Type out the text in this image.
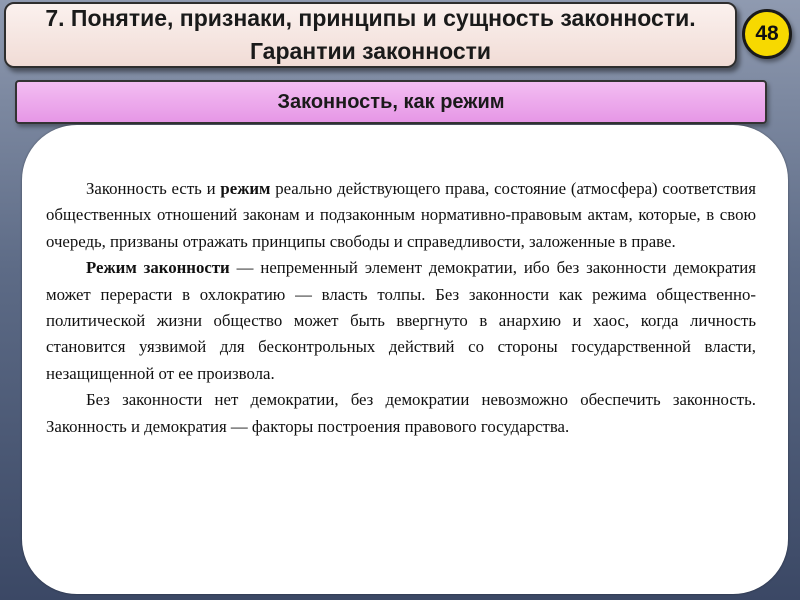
7. Понятие, признаки, принципы и сущность законности. Гарантии законности
48
Законность, как режим

Законность есть и режим реально действующего права, состояние (атмосфера) соответствия общественных отношений законам и подзаконным нормативно-правовым актам, которые, в свою очередь, призваны отражать принципы свободы и справедливости, заложенные в праве.

Режим законности — непременный элемент демократии, ибо без законности демократия может перерасти в охлократию — власть толпы. Без законности как режима общественно-политической жизни общество может быть ввергнуто в анархию и хаос, когда личность становится уязвимой для бесконтрольных действий со стороны государственной власти, незащищенной от ее произвола.

Без законности нет демократии, без демократии невозможно обеспечить законность. Законность и демократия — факторы построения правового государства.
